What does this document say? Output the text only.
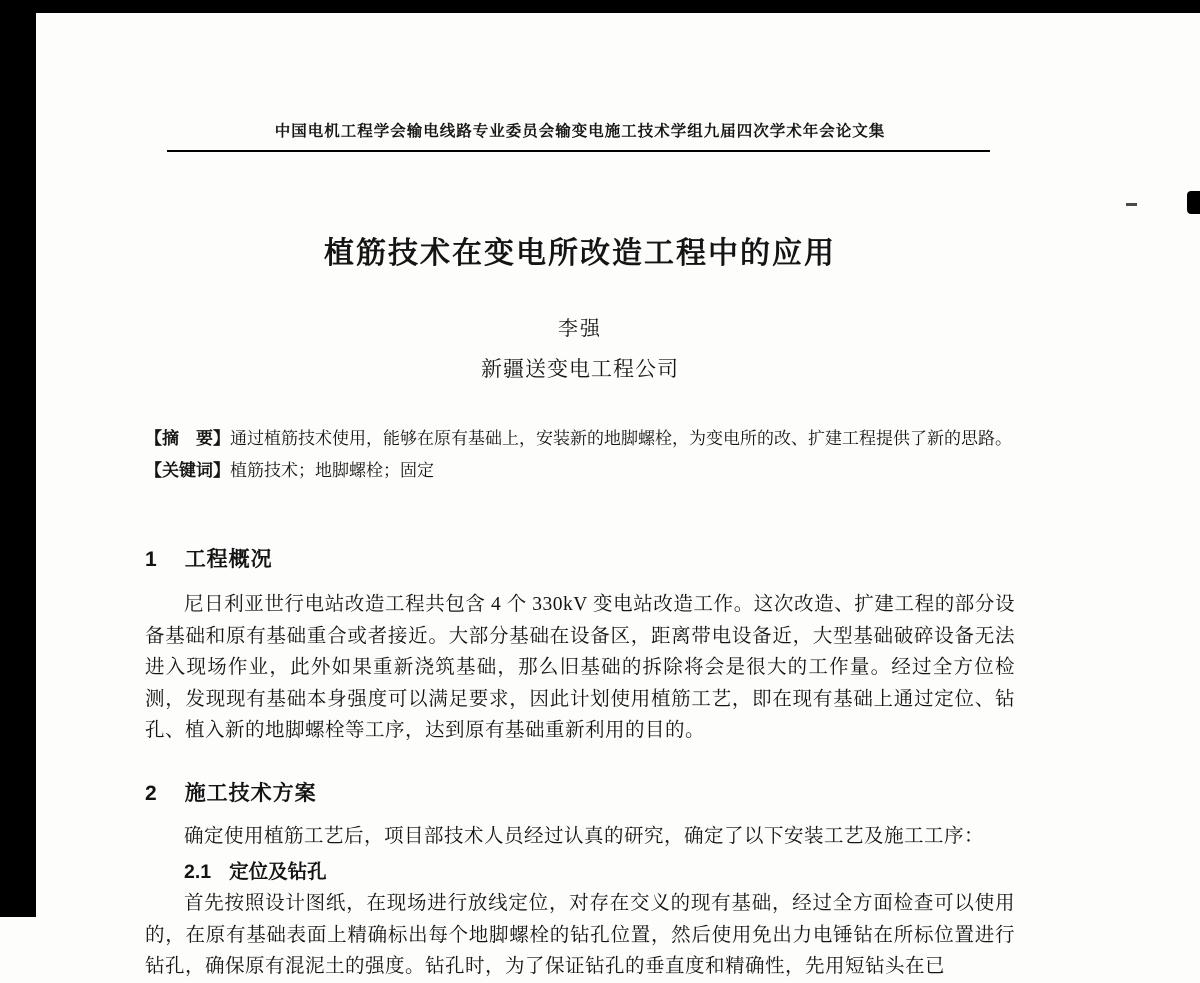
中国电机工程学会输电线路专业委员会输变电施工技术学组九届四次学术年会论文集
植筋技术在变电所改造工程中的应用
李强
新疆送变电工程公司

【摘　要】通过植筋技术使用，能够在原有基础上，安装新的地脚螺栓，为变电所的改、扩建工程提供了新的思路。

【关键词】植筋技术；地脚螺栓；固定

1 工程概况

尼日利亚世行电站改造工程共包含 4 个 330kV 变电站改造工作。这次改造、扩建工程的部分设备基础和原有基础重合或者接近。大部分基础在设备区，距离带电设备近，大型基础破碎设备无法进入现场作业，此外如果重新浇筑基础，那么旧基础的拆除将会是很大的工作量。经过全方位检测，发现现有基础本身强度可以满足要求，因此计划使用植筋工艺，即在现有基础上通过定位、钻孔、植入新的地脚螺栓等工序，达到原有基础重新利用的目的。

2 施工技术方案

确定使用植筋工艺后，项目部技术人员经过认真的研究，确定了以下安装工艺及施工工序：

2.1 定位及钻孔

首先按照设计图纸，在现场进行放线定位，对存在交义的现有基础，经过全方面检查可以使用的，在原有基础表面上精确标出每个地脚螺栓的钻孔位置，然后使用免出力电锤钻在所标位置进行钻孔，确保原有混泥土的强度。钻孔时，为了保证钻孔的垂直度和精确性，先用短钻头在已
